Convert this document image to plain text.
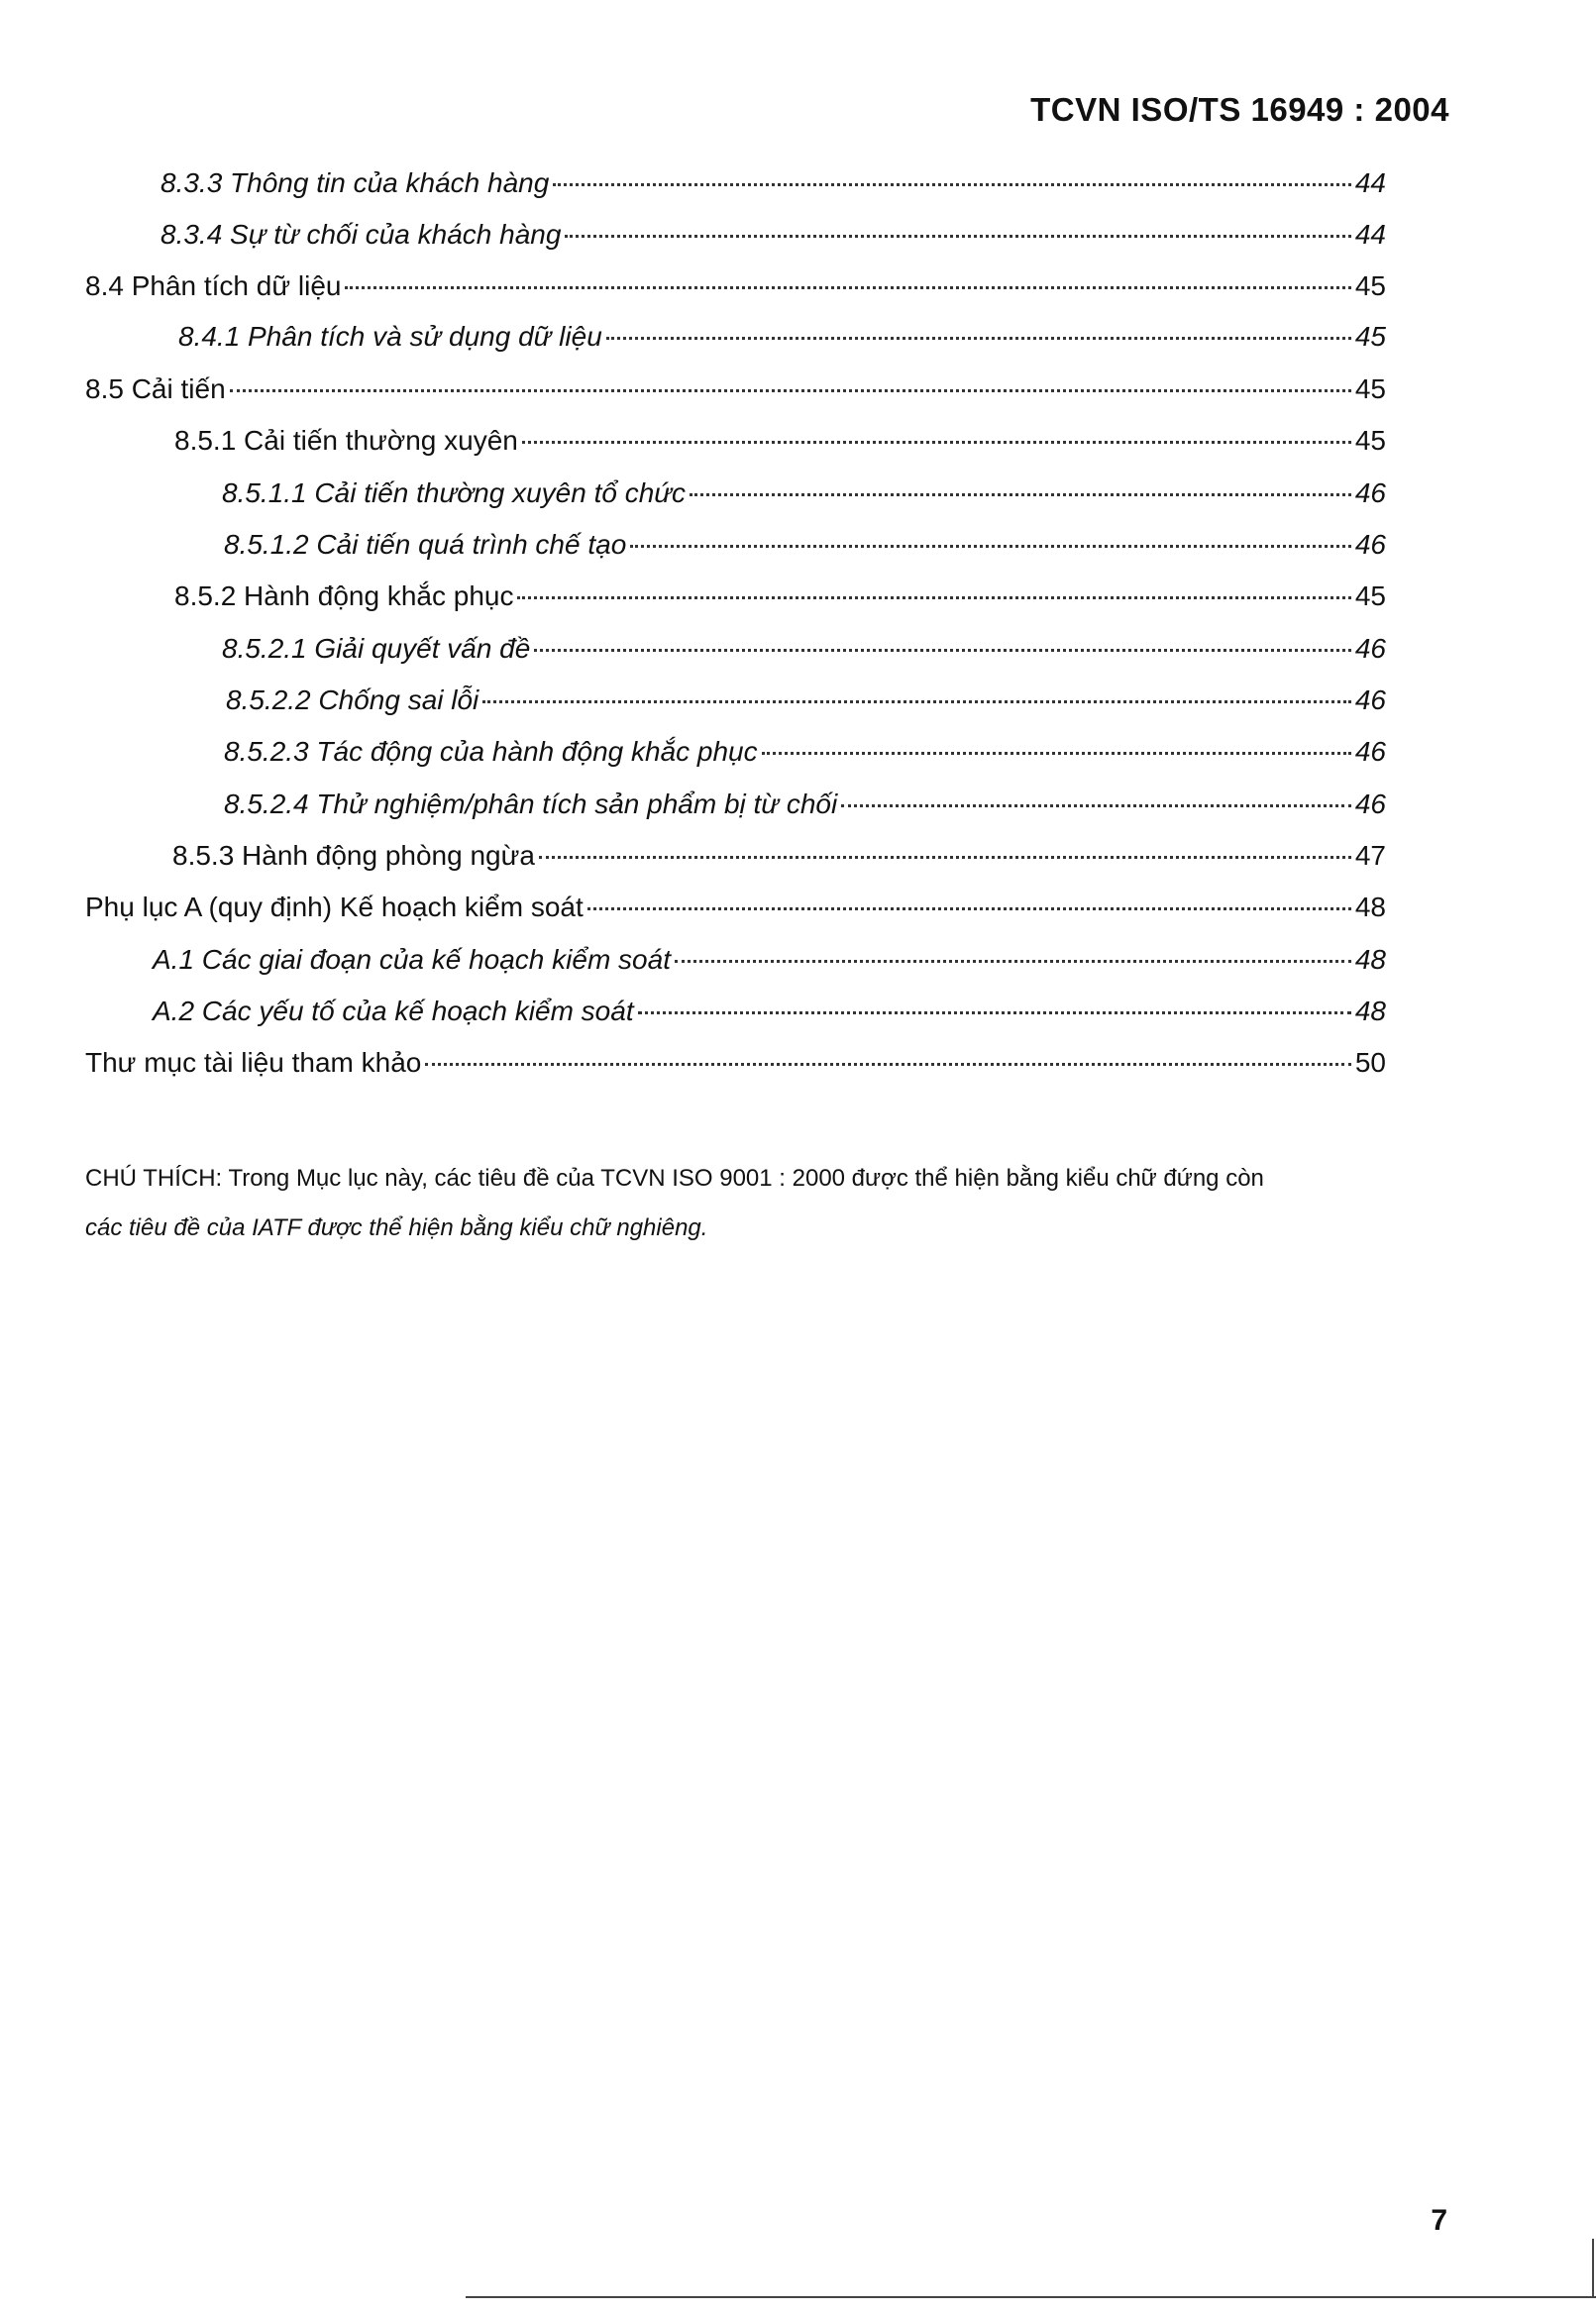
TCVN ISO/TS 16949 : 2004
8.3.3 Thông tin của khách hàng	44
8.3.4 Sự từ chối của khách hàng	44
8.4 Phân tích dữ liệu	45
8.4.1 Phân tích và sử dụng dữ liệu	45
8.5 Cải tiến	45
8.5.1 Cải tiến thường xuyên	45
8.5.1.1 Cải tiến thường xuyên tổ chức	46
8.5.1.2 Cải tiến quá trình chế tạo	46
8.5.2 Hành động khắc phục	45
8.5.2.1 Giải quyết vấn đề	46
8.5.2.2 Chống sai lỗi	46
8.5.2.3 Tác động của hành động khắc phục	46
8.5.2.4 Thử nghiệm/phân tích sản phẩm bị từ chối	46
8.5.3 Hành động phòng ngừa	47
Phụ lục A (quy định) Kế hoạch kiểm soát	48
A.1 Các giai đoạn của kế hoạch kiểm soát	48
A.2 Các yếu tố của kế hoạch kiểm soát	48
Thư mục tài liệu tham khảo	50
CHÚ THÍCH: Trong Mục lục này, các tiêu đề của TCVN ISO 9001 : 2000 được thể hiện bằng kiểu chữ đứng còn
các tiêu đề của IATF được thể hiện bằng kiểu chữ nghiêng.
7
